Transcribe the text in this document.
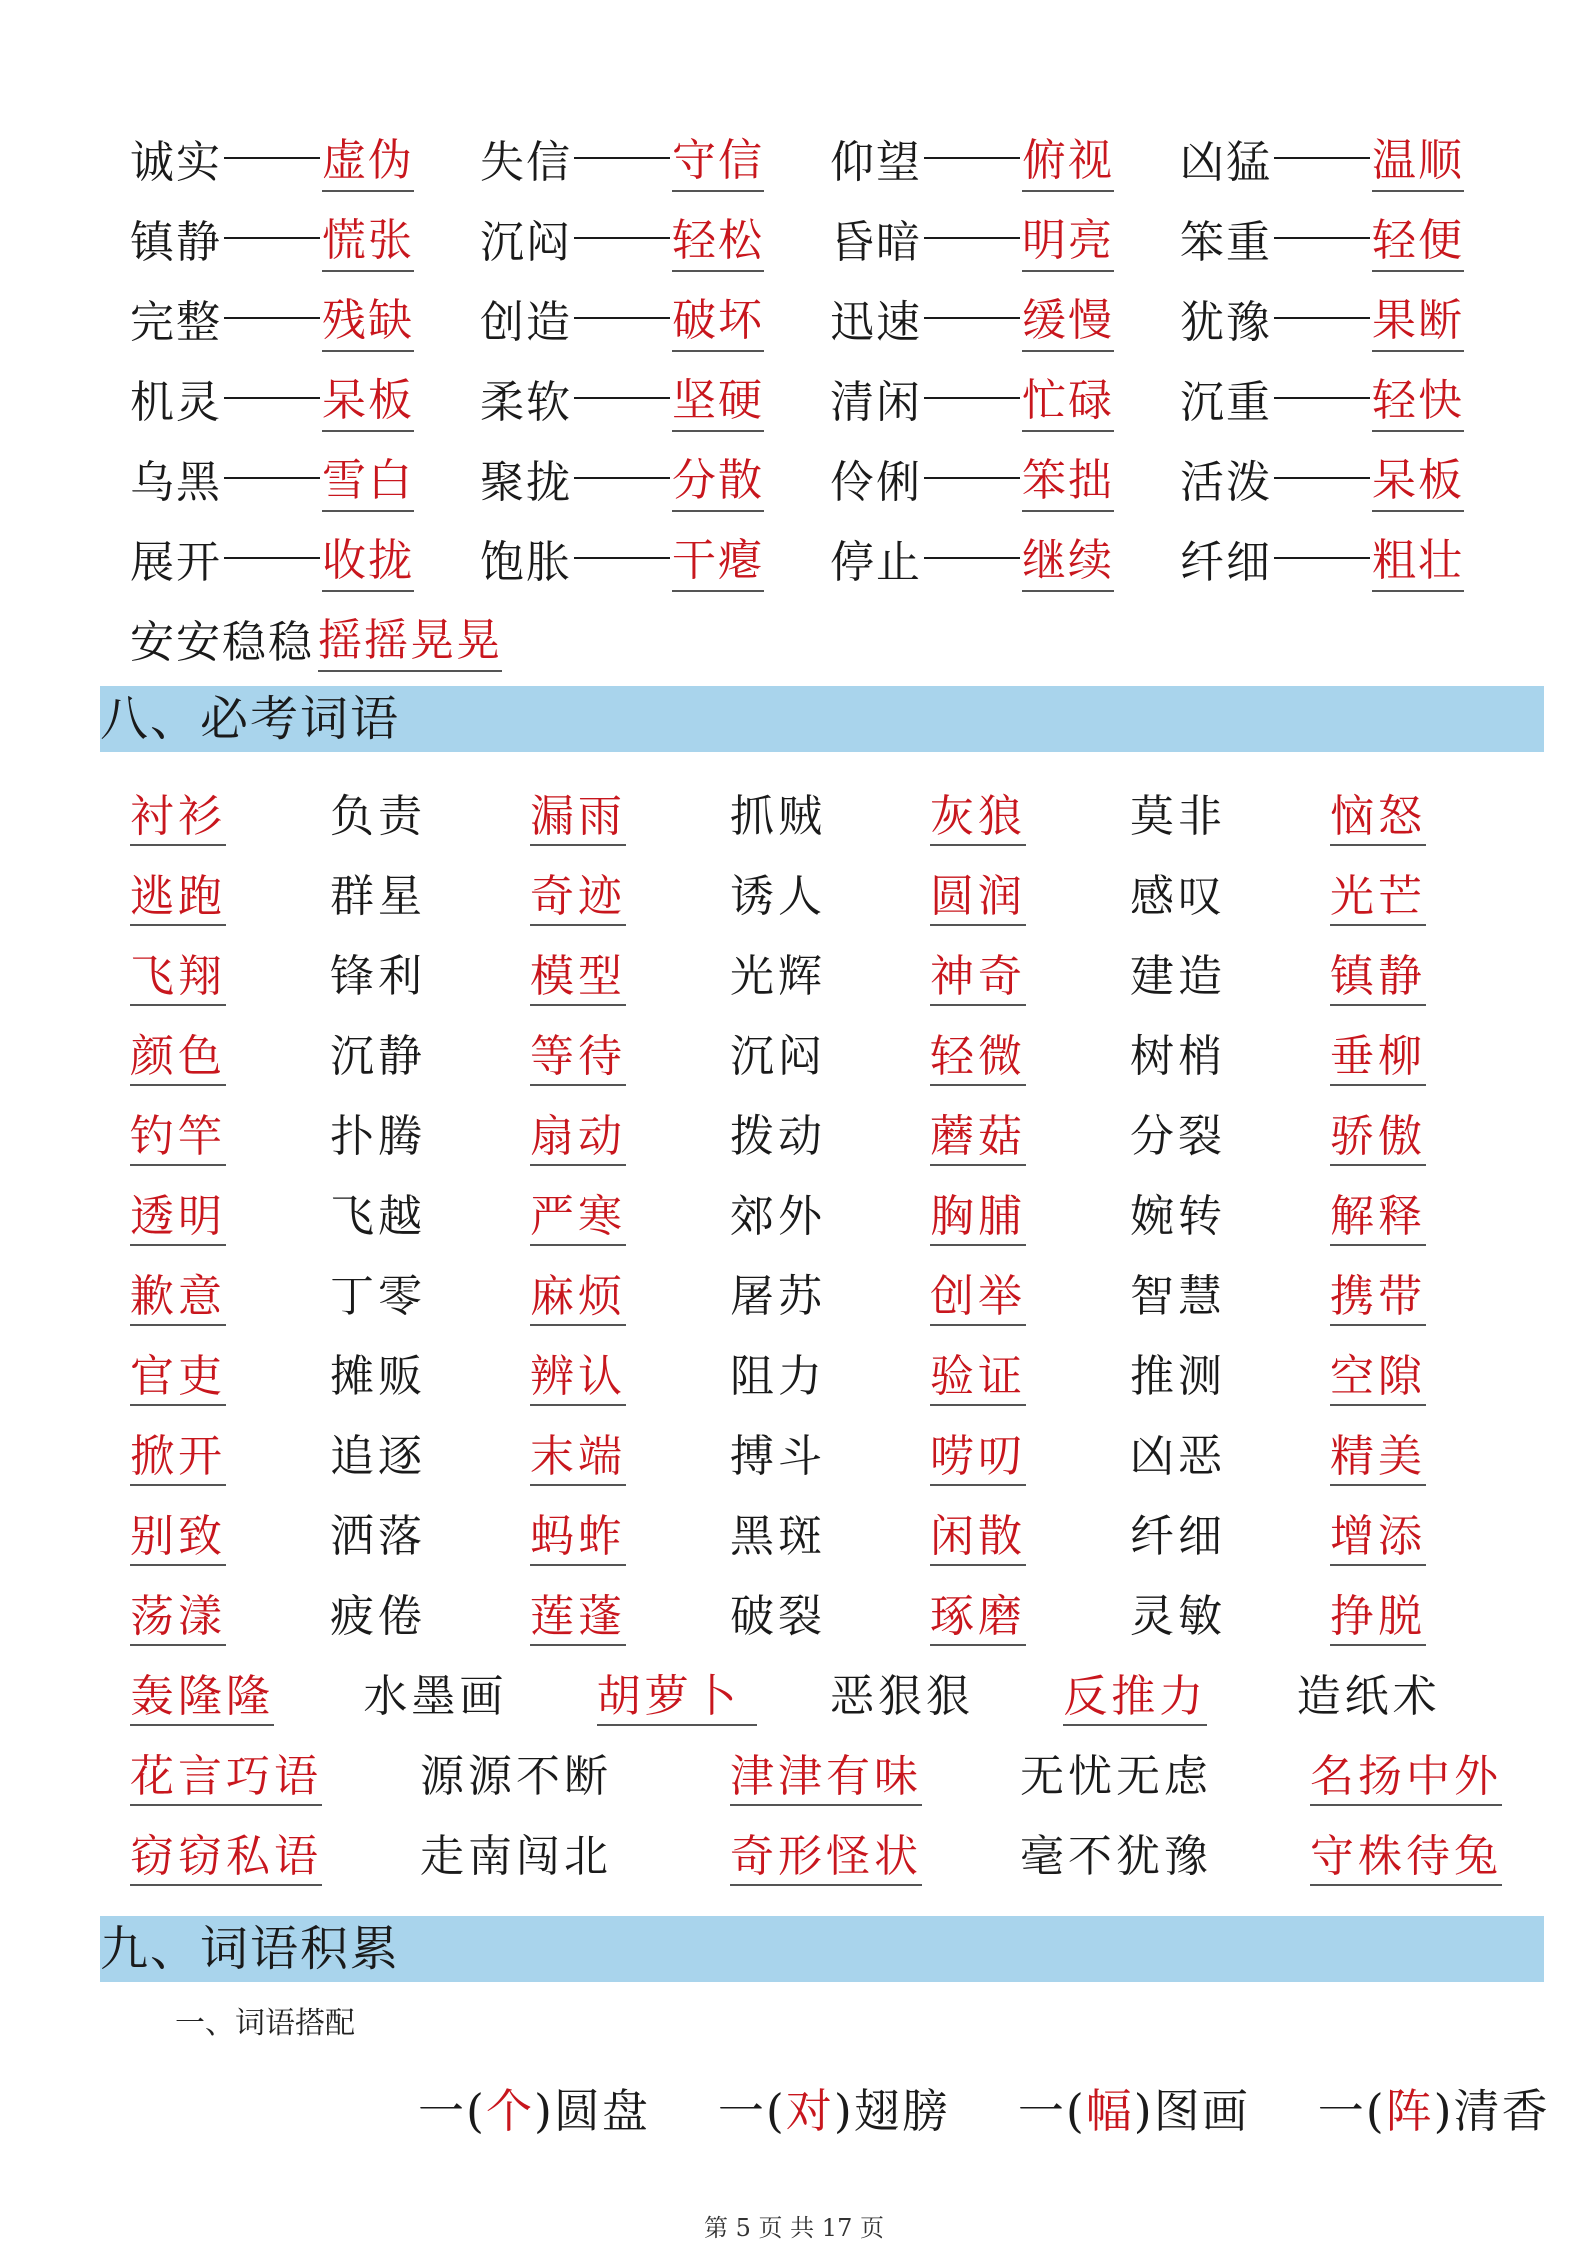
诚实 虚伪 失信 守信 仰望 俯视 凶猛 温顺
镇静 慌张 沉闷 轻松 昏暗 明亮 笨重 轻便
完整 残缺 创造 破坏 迅速 缓慢 犹豫 果断
机灵 呆板 柔软 坚硬 清闲 忙碌 沉重 轻快
乌黑 雪白 聚拢 分散 伶俐 笨拙 活泼 呆板
展开 收拢 饱胀 干瘪 停止 继续 纤细 粗壮
安安稳稳 摇摇晃晃
八、必考词语
衬衫	负责	漏雨	抓贼	灰狼	莫非	恼怒
逃跑	群星	奇迹	诱人	圆润	感叹	光芒
飞翔	锋利	模型	光辉	神奇	建造	镇静
颜色	沉静	等待	沉闷	轻微	树梢	垂柳
钓竿	扑腾	扇动	拨动	蘑菇	分裂	骄傲
透明	飞越	严寒	郊外	胸脯	婉转	解释
歉意	丁零	麻烦	屠苏	创举	智慧	携带
官吏	摊贩	辨认	阻力	验证	推测	空隙
掀开	追逐	末端	搏斗	唠叨	凶恶	精美
别致	洒落	蚂蚱	黑斑	闲散	纤细	增添
荡漾	疲倦	莲蓬	破裂	琢磨	灵敏	挣脱
轰隆隆	水墨画	胡萝卜	恶狠狠	反推力	造纸术
花言巧语	源源不断	津津有味	无忧无虑	名扬中外
窃窃私语	走南闯北	奇形怪状	毫不犹豫	守株待兔
九、词语积累
一、词语搭配
一(个)圆盘 一(对)翅膀 一(幅)图画 一(阵)清香
第 5 页 共 17 页
